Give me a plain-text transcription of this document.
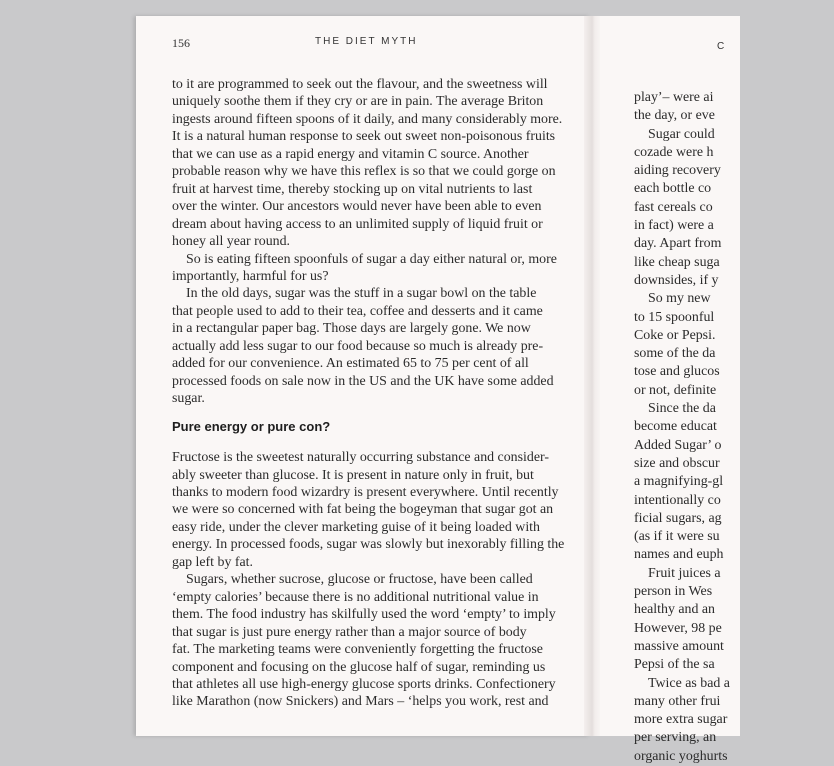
C
play’– were ai
the day, or eve
Sugar could
cozade were h
aiding recovery
each bottle co
fast cereals co
in fact) were a
day. Apart from
like cheap suga
downsides, if y
So my new
to 15 spoonful
Coke or Pepsi.
some of the da
tose and glucos
or not, definite
Since the da
become educat
Added Sugar’ o
size and obscur
a magnifying-gl
intentionally co
ficial sugars, ag
(as if it were su
names and euph
Fruit juices a
person in Wes
healthy and an
However, 98 pe
massive amount
Pepsi of the sa
Twice as bad a
many other frui
more extra sugar
per serving, an
organic yoghurts
156	THE DIET MYTH
to it are programmed to seek out the flavour, and the sweetness will
uniquely soothe them if they cry or are in pain. The average Briton
ingests around fifteen spoons of it daily, and many considerably more.
It is a natural human response to seek out sweet non-poisonous fruits
that we can use as a rapid energy and vitamin C source. Another
probable reason why we have this reflex is so that we could gorge on
fruit at harvest time, thereby stocking up on vital nutrients to last
over the winter. Our ancestors would never have been able to even
dream about having access to an unlimited supply of liquid fruit or
honey all year round.
So is eating fifteen spoonfuls of sugar a day either natural or, more
importantly, harmful for us?
In the old days, sugar was the stuff in a sugar bowl on the table
that people used to add to their tea, coffee and desserts and it came
in a rectangular paper bag. Those days are largely gone. We now
actually add less sugar to our food because so much is already pre-
added for our convenience. An estimated 65 to 75 per cent of all
processed foods on sale now in the US and the UK have some added
sugar.
Pure energy or pure con?
Fructose is the sweetest naturally occurring substance and consider-
ably sweeter than glucose. It is present in nature only in fruit, but
thanks to modern food wizardry is present everywhere. Until recently
we were so concerned with fat being the bogeyman that sugar got an
easy ride, under the clever marketing guise of it being loaded with
energy. In processed foods, sugar was slowly but inexorably filling the
gap left by fat.
Sugars, whether sucrose, glucose or fructose, have been called
‘empty calories’ because there is no additional nutritional value in
them. The food industry has skilfully used the word ‘empty’ to imply
that sugar is just pure energy rather than a major source of body
fat. The marketing teams were conveniently forgetting the fructose
component and focusing on the glucose half of sugar, reminding us
that athletes all use high-energy glucose sports drinks. Confectionery
like Marathon (now Snickers) and Mars – ‘helps you work, rest and
